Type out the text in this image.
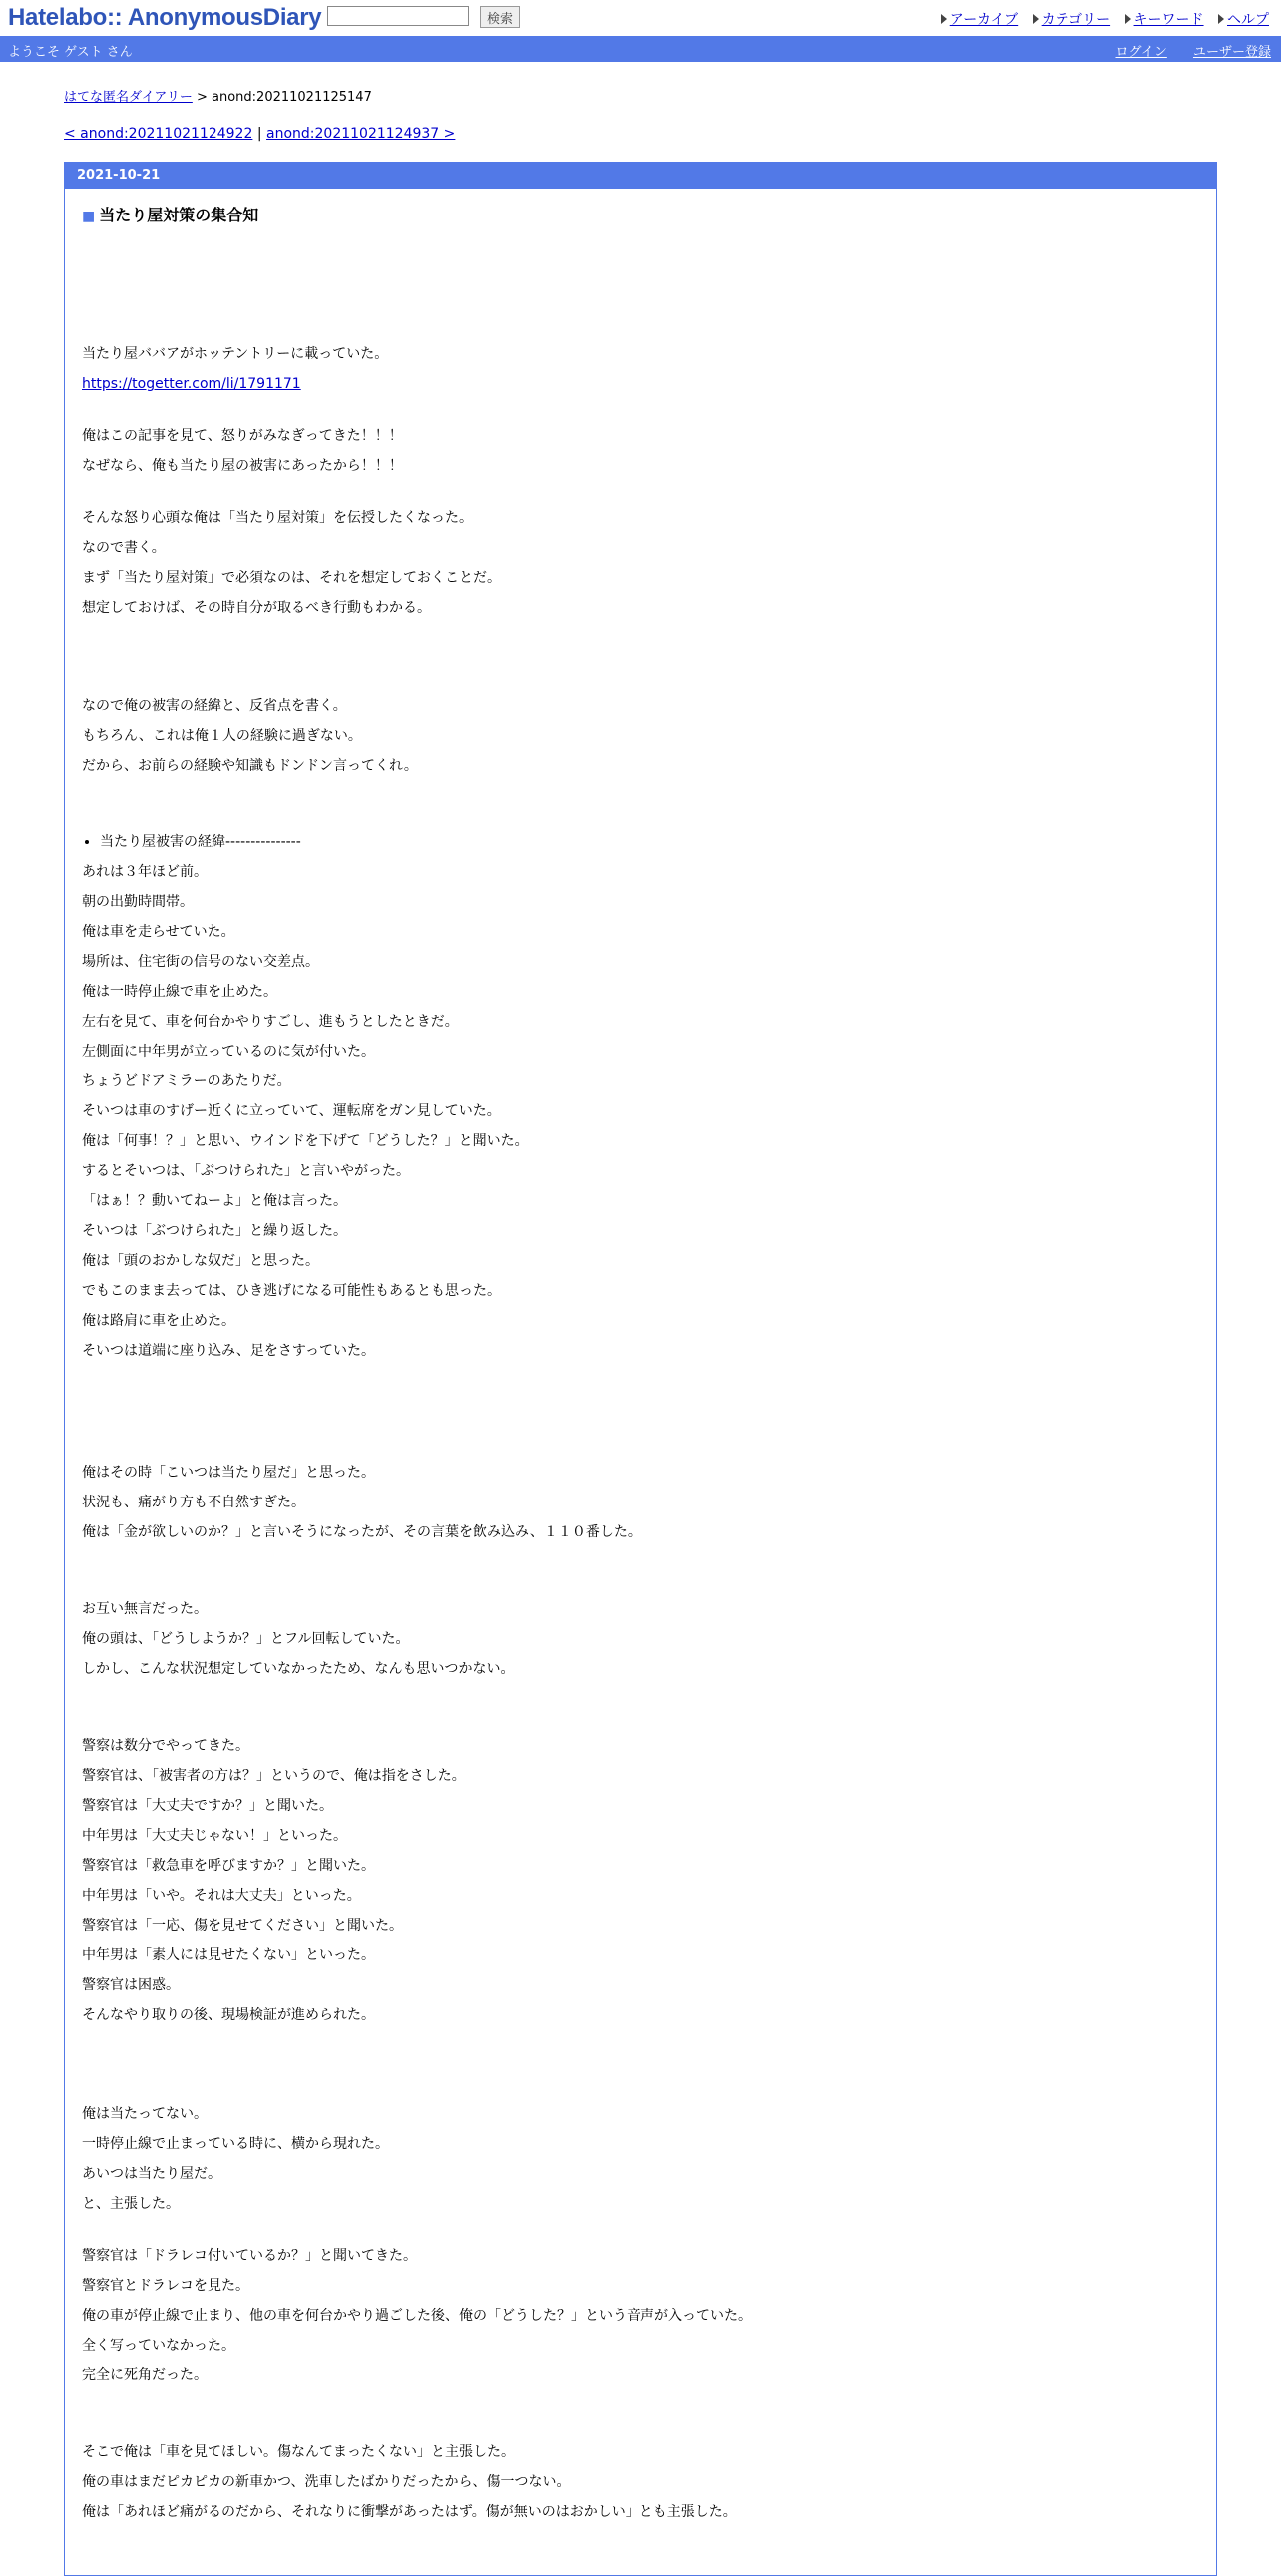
Hatelabo:: AnonymousDiary	検索	アーカイブ カテゴリー キーワード ヘルプ
ようこそ ゲスト さん	ログイン ユーザー登録
はてな匿名ダイアリー > anond:20211021125147
< anond:20211021124922 | anond:20211021124937 >
2021-10-21
■ 当たり屋対策の集合知

当たり屋ババアがホッテントリーに載っていた。

https://togetter.com/li/1791171

俺はこの記事を見て、怒りがみなぎってきた！！！

なぜなら、俺も当たり屋の被害にあったから！！！

そんな怒り心頭な俺は「当たり屋対策」を伝授したくなった。

なので書く。

まず「当たり屋対策」で必須なのは、それを想定しておくことだ。

想定しておけば、その時自分が取るべき行動もわかる。

なので俺の被害の経緯と、反省点を書く。

もちろん、これは俺１人の経験に過ぎない。

だから、お前らの経験や知識もドンドン言ってくれ。

• 当たり屋被害の経緯---------------

あれは３年ほど前。

朝の出勤時間帯。

俺は車を走らせていた。

場所は、住宅街の信号のない交差点。

俺は一時停止線で車を止めた。

左右を見て、車を何台かやりすごし、進もうとしたときだ。

左側面に中年男が立っているのに気が付いた。

ちょうどドアミラーのあたりだ。

そいつは車のすげー近くに立っていて、運転席をガン見していた。

俺は「何事！？」と思い、ウインドを下げて「どうした？」と聞いた。

するとそいつは、「ぶつけられた」と言いやがった。

「はぁ！？動いてねーよ」と俺は言った。

そいつは「ぶつけられた」と繰り返した。

俺は「頭のおかしな奴だ」と思った。

でもこのまま去っては、ひき逃げになる可能性もあるとも思った。

俺は路肩に車を止めた。

そいつは道端に座り込み、足をさすっていた。

俺はその時「こいつは当たり屋だ」と思った。

状況も、痛がり方も不自然すぎた。

俺は「金が欲しいのか？」と言いそうになったが、その言葉を飲み込み、１１０番した。

お互い無言だった。

俺の頭は、「どうしようか？」とフル回転していた。

しかし、こんな状況想定していなかったため、なんも思いつかない。

警察は数分でやってきた。

警察官は、「被害者の方は？」というので、俺は指をさした。

警察官は「大丈夫ですか？」と聞いた。

中年男は「大丈夫じゃない！」といった。

警察官は「救急車を呼びますか？」と聞いた。

中年男は「いや。それは大丈夫」といった。

警察官は「一応、傷を見せてください」と聞いた。

中年男は「素人には見せたくない」といった。

警察官は困惑。

そんなやり取りの後、現場検証が進められた。

俺は当たってない。

一時停止線で止まっている時に、横から現れた。

あいつは当たり屋だ。

と、主張した。

警察官は「ドラレコ付いているか？」と聞いてきた。

警察官とドラレコを見た。

俺の車が停止線で止まり、他の車を何台かやり過ごした後、俺の「どうした？」という音声が入っていた。

全く写っていなかった。

完全に死角だった。

そこで俺は「車を見てほしい。傷なんてまったくない」と主張した。

俺の車はまだピカピカの新車かつ、洗車したばかりだったから、傷一つない。

俺は「あれほど痛がるのだから、それなりに衝撃があったはず。傷が無いのはおかしい」とも主張した。
